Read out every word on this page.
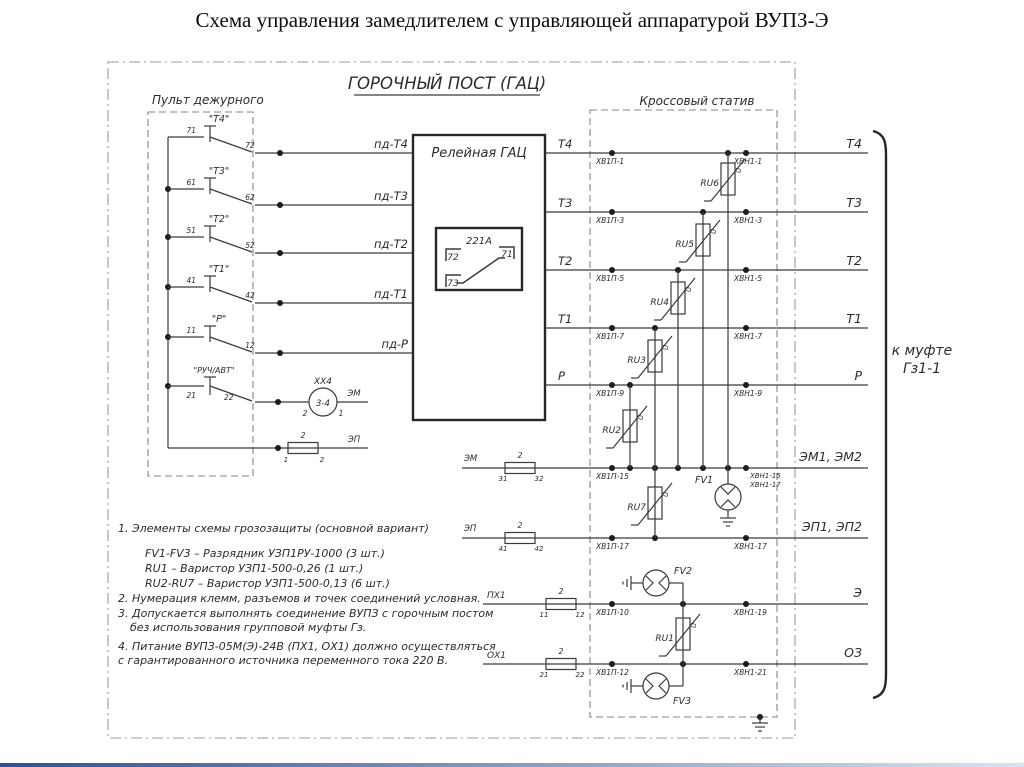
Схема управления замедлителем с управляющей аппаратурой ВУПЗ-Э
ГОРОЧНЫЙ ПОСТ (ГАЦ)
Пульт дежурного
"Т4"
71
72
"Т3"
61
62
"Т2"
51
52
"Т1"
41
42
"Р"
11
12
"РУЧ/АВТ"
21	22
ХХ4
3-4
2	1
ЭМ
2
1	2
ЭП
пд-Т4
пд-Т3
пд-Т2
пд-Т1
пд-Р
Релейная ГАЦ
221А
72	71
73
Кроссовый статив
Т4
ХВ1П-1	ХВН1-1
Т4
Т3
ХВ1П-3	ХВН1-3
Т3
Т2
ХВ1П-5	ХВН1-5
Т2
Т1
ХВ1П-7	ХВН1-7
Т1
Р
ХВ1П-9	ХВН1-9
Р
ЭМ	2
31	32	ХВ1П-15	ХВН1-15
ХВН1-17
ЭМ1, ЭМ2
ЭП	2
41	42	ХВ1П-17	ХВН1-17
ЭП1, ЭП2
ПХ1	2
11	12 ХВ1П-10	ХВН1-19
Э
ОХ1	2
21	22 ХВ1П-12	ХВН1-21
ОЗ
RU6
U
RU5
U
RU4
U
RU3
U
RU2
U
RU7
U
RU1
U
FV1
FV2
FV3
к муфте
Гз1-1
1. Элементы схемы грозозащиты (основной вариант)
FV1-FV3 – Разрядник УЗП1РУ-1000 (3 шт.)
RU1 – Варистор УЗП1-500-0,26 (1 шт.)
RU2-RU7 – Варистор УЗП1-500-0,13 (6 шт.)
2. Нумерация клемм, разъемов и точек соединений условная.
3. Допускается выполнять соединение ВУПЗ с горочным постом
без использования групповой муфты Гз.
4. Питание ВУПЗ-05М(Э)-24В (ПХ1, ОХ1) должно осуществляться
с гарантированного источника переменного тока 220 В.
